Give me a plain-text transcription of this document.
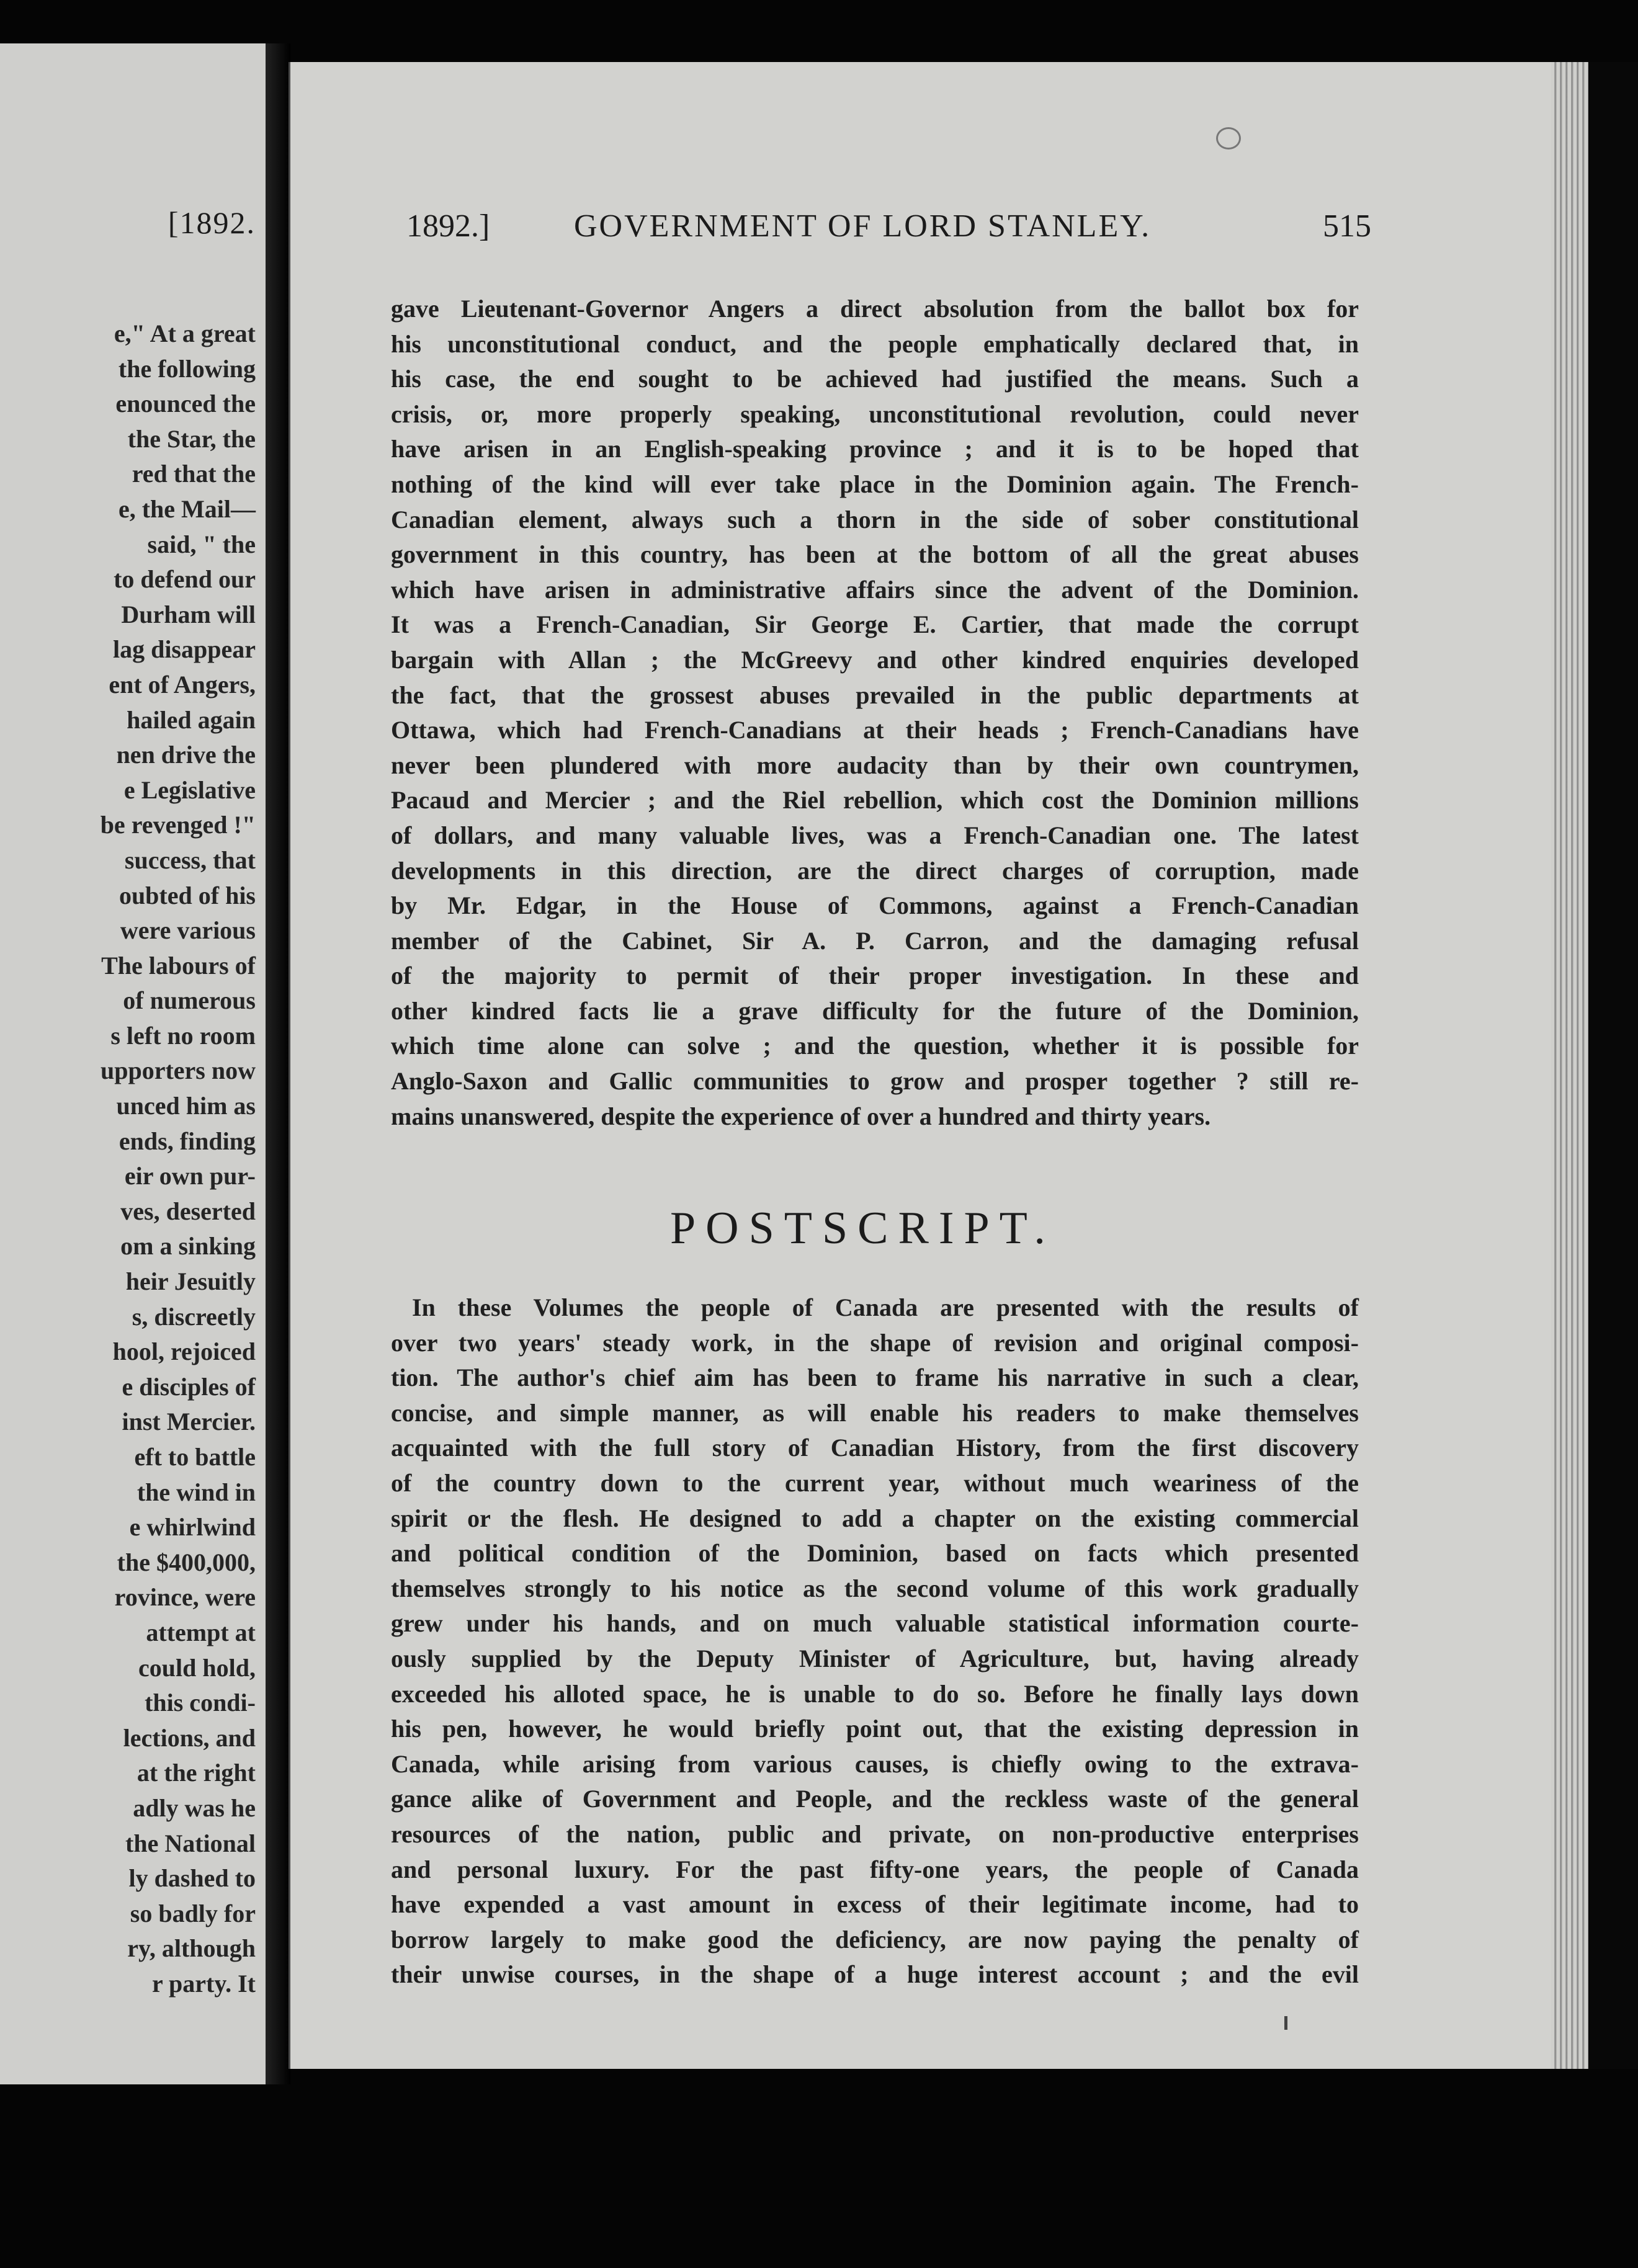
[1892.
e," At a great
the following
enounced the
the Star, the
red that the
e, the Mail—
said, " the
to defend our
Durham will
lag disappear
ent of Angers,
hailed again
nen drive the
e Legislative
be revenged !"
success, that
oubted of his
were various
The labours of
of numerous
s left no room
upporters now
unced him as
ends, finding
eir own pur-
ves, deserted
om a sinking
heir Jesuitly
s, discreetly
hool, rejoiced
e disciples of
inst Mercier.
eft to battle
the wind in
e whirlwind
the $400,000,
rovince, were
attempt at
could hold,
this condi-
lections, and
at the right
adly was he
the National
ly dashed to
so badly for
ry, although
r party. It
1892.]	GOVERNMENT OF LORD STANLEY.	515
gave Lieutenant-Governor Angers a direct absolution from the ballot box for
his unconstitutional conduct, and the people emphatically declared that, in
his case, the end sought to be achieved had justified the means. Such a
crisis, or, more properly speaking, unconstitutional revolution, could never
have arisen in an English-speaking province ; and it is to be hoped that
nothing of the kind will ever take place in the Dominion again. The French-
Canadian element, always such a thorn in the side of sober constitutional
government in this country, has been at the bottom of all the great abuses
which have arisen in administrative affairs since the advent of the Dominion.
It was a French-Canadian, Sir George E. Cartier, that made the corrupt
bargain with Allan ; the McGreevy and other kindred enquiries developed
the fact, that the grossest abuses prevailed in the public departments at
Ottawa, which had French-Canadians at their heads ; French-Canadians have
never been plundered with more audacity than by their own countrymen,
Pacaud and Mercier ; and the Riel rebellion, which cost the Dominion millions
of dollars, and many valuable lives, was a French-Canadian one. The latest
developments in this direction, are the direct charges of corruption, made
by Mr. Edgar, in the House of Commons, against a French-Canadian
member of the Cabinet, Sir A. P. Carron, and the damaging refusal
of the majority to permit of their proper investigation. In these and
other kindred facts lie a grave difficulty for the future of the Dominion,
which time alone can solve ; and the question, whether it is possible for
Anglo-Saxon and Gallic communities to grow and prosper together ? still re-
mains unanswered, despite the experience of over a hundred and thirty years.
POSTSCRIPT.
In these Volumes the people of Canada are presented with the results of
over two years' steady work, in the shape of revision and original composi-
tion. The author's chief aim has been to frame his narrative in such a clear,
concise, and simple manner, as will enable his readers to make themselves
acquainted with the full story of Canadian History, from the first discovery
of the country down to the current year, without much weariness of the
spirit or the flesh. He designed to add a chapter on the existing commercial
and political condition of the Dominion, based on facts which presented
themselves strongly to his notice as the second volume of this work gradually
grew under his hands, and on much valuable statistical information courte-
ously supplied by the Deputy Minister of Agriculture, but, having already
exceeded his alloted space, he is unable to do so. Before he finally lays down
his pen, however, he would briefly point out, that the existing depression in
Canada, while arising from various causes, is chiefly owing to the extrava-
gance alike of Government and People, and the reckless waste of the general
resources of the nation, public and private, on non-productive enterprises
and personal luxury. For the past fifty-one years, the people of Canada
have expended a vast amount in excess of their legitimate income, had to
borrow largely to make good the deficiency, are now paying the penalty of
their unwise courses, in the shape of a huge interest account ; and the evil
